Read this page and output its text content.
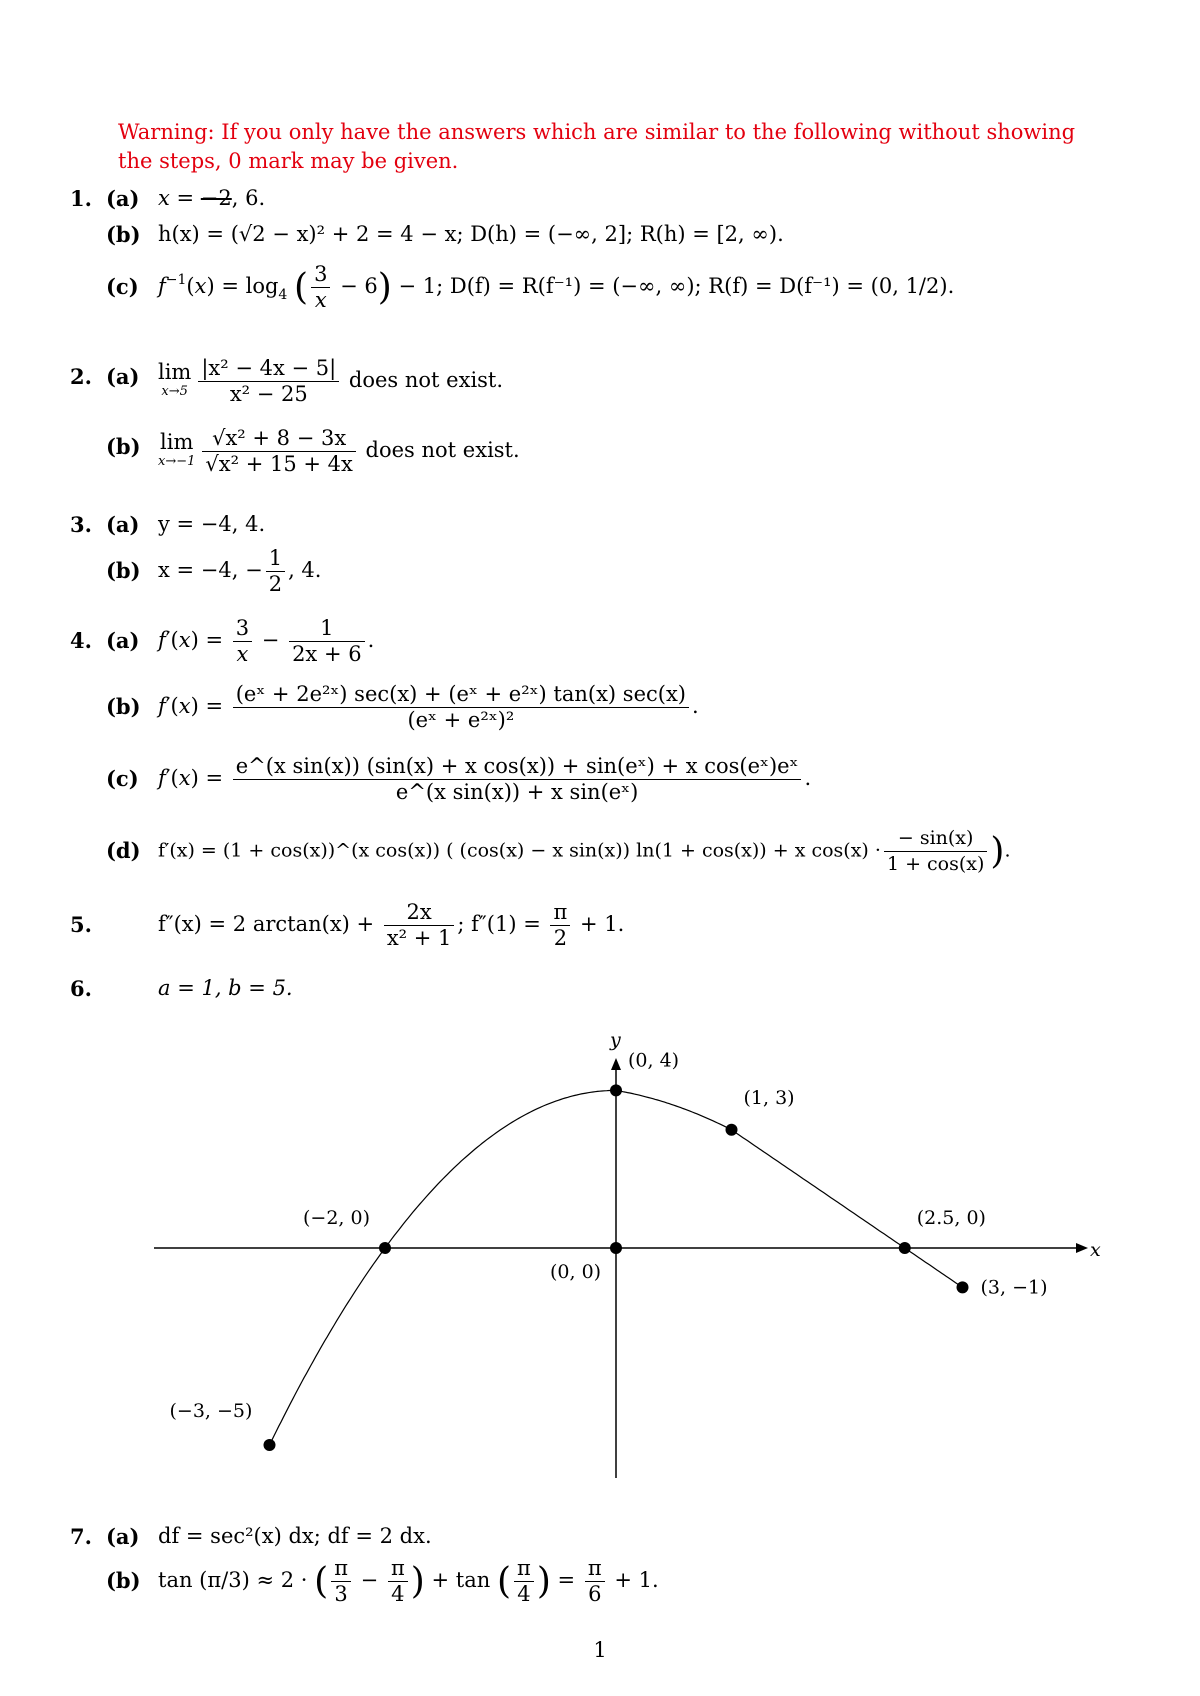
Warning: If you only have the answers which are similar to the following without showing the steps, 0 mark may be given.
1. (a) x = −2, 6.
(b) h(x) = (√2 − x)² + 2 = 4 − x; D(h) = (−∞, 2]; R(h) = [2, ∞).
(c) $f^{-1}(x) = \log_4$ ( $\frac{3}{x} - 6) - 1$; D(f) = R(f⁻¹) = (−∞, ∞); R(f) = D(f⁻¹) = (0, 1/2).
2. (a) lim
$x\to 5 \frac{\text{|x² − 4x − 5|}}{\text{x² − 25}}$ does not exist.
(b) lim
$x\to-1 \frac{\text{√x² + 8 − 3x}}{\text{√x² + 15 + 4x}}$ does not exist.
3. (a) y = −4, 4.
(b) x = −4, − $\frac{1}{2}$ , 4.
4. (a) $f'(x) = \frac{3}{x} - \frac{1}{2x + 6}$ .
(b) $f'(x) = \frac{\text{(eˣ + 2e²ˣ) sec(x) + (eˣ + e²ˣ) tan(x) sec(x)}}{\text{(eˣ + e²ˣ)²}}$ .
(c) $f'(x) = \frac{\text{e\textasciicircum{}(x sin(x)) (sin(x) + x cos(x)) + sin(eˣ) + x cos(eˣ)eˣ}}{\text{e\textasciicircum{}(x sin(x)) + x sin(eˣ)}}$ .
(d) f′(x) = (1 + cos(x))^(x cos(x)) ( (cos(x) − x sin(x)) ln(1 + cos(x)) + x $\cos(x) \cdot \frac{- \sin(x)}{1 + \cos(x)}$ ).
5.	f″(x) = 2 $\arctan(x) + \frac{2x}{\text{x² + 1}}$ ; $f''(1) = \frac{\pi}{2} + 1$.
6.	a = 1, b = 5.
x
y
(−3, −5)
(−2, 0)
(0, 0)
(0, 4)
(1, 3)
(2.5, 0)
(3, −1)
7. (a) df = sec²(x) dx; df = 2 dx.
(b) tan (π/3) ≈ 2 · ( $\frac{\pi}{3} - \frac{\pi}{4}$ ) + tan ( $\frac{\pi}{4}$ ) = $\frac{\pi}{6} + 1$.
1
